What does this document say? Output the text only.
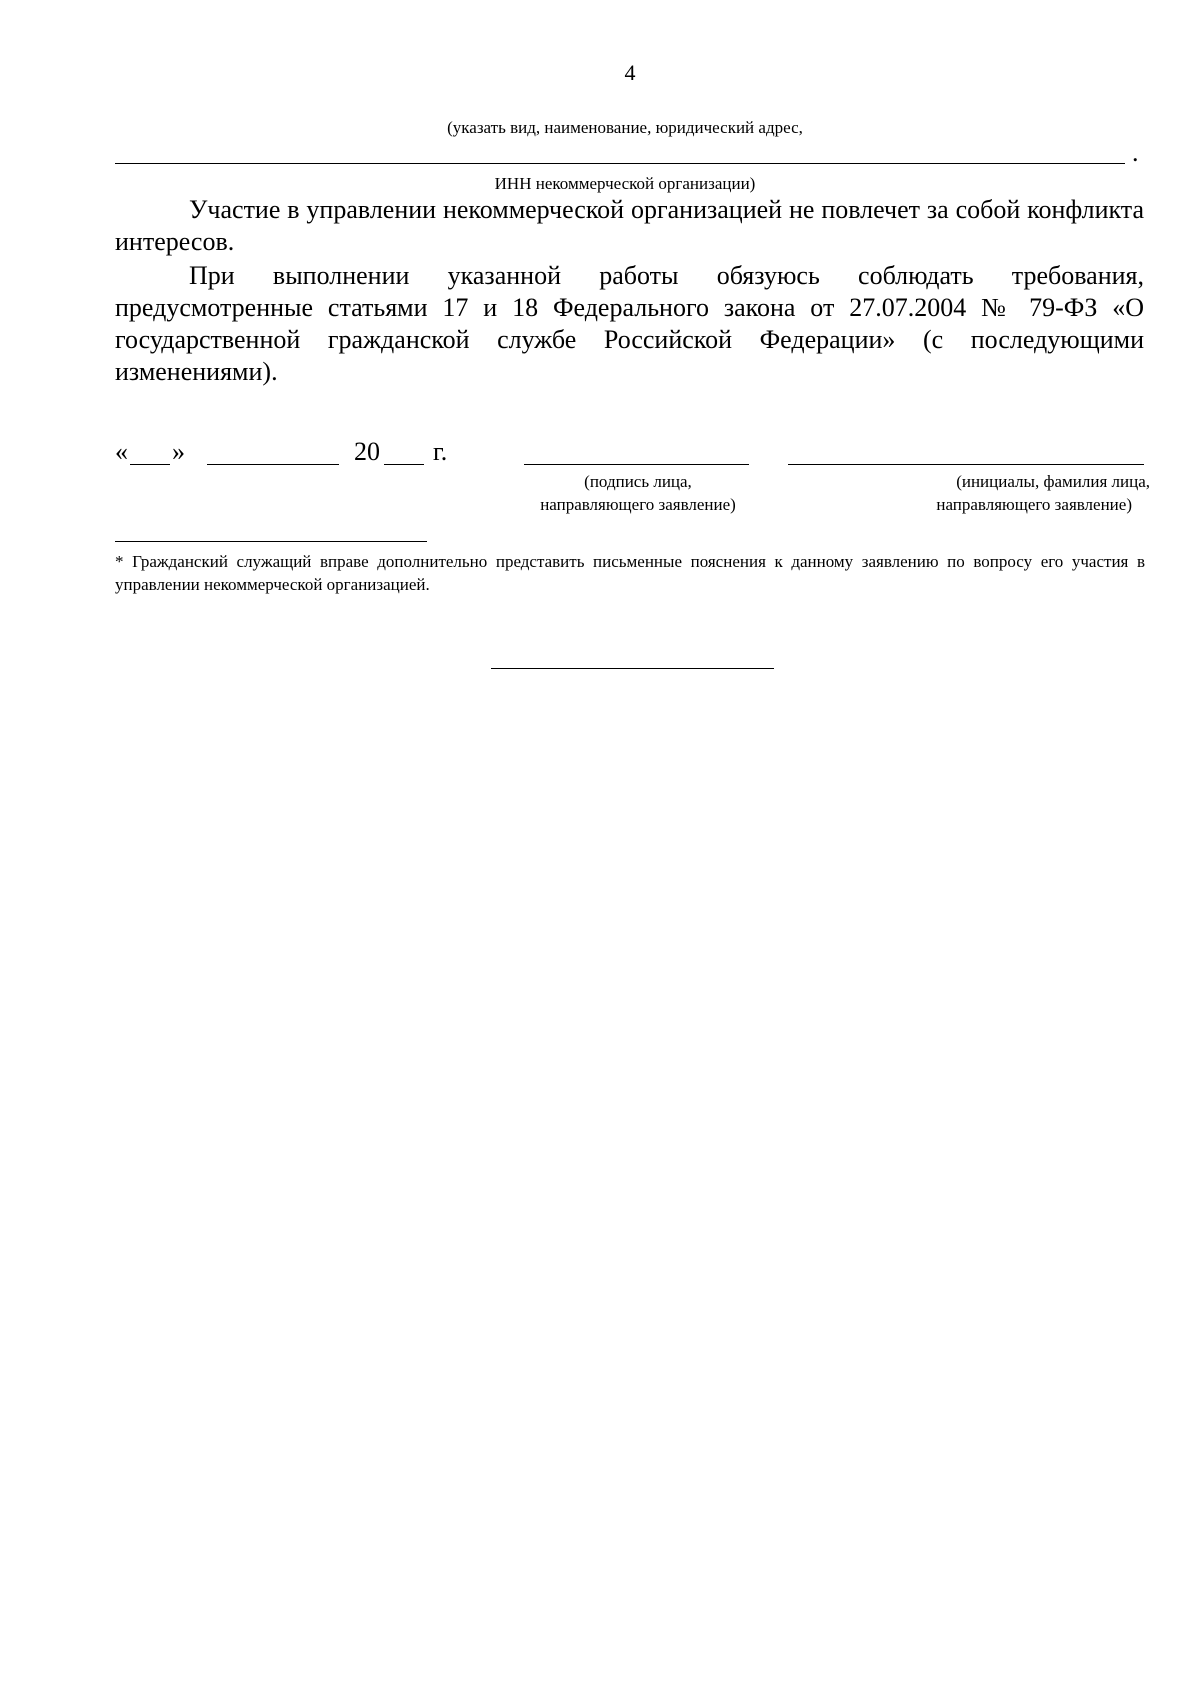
4
(указать вид, наименование, юридический адрес,
.
ИНН некоммерческой организации)
Участие в управлении некоммерческой организацией не повлечет за собой конфликта интересов.
При выполнении указанной работы обязуюсь соблюдать требования, предусмотренные статьями 17 и 18 Федерального закона от 27.07.2004 № 79-ФЗ «О государственной гражданской службе Российской Федерации» (с последующими изменениями).
« »	20 г.
(подпись лица,
направляющего заявление)
(инициалы, фамилия лица,
направляющего заявление)
* Гражданский служащий вправе дополнительно представить письменные пояснения к данному заявлению по вопросу его участия в управлении некоммерческой организацией.
